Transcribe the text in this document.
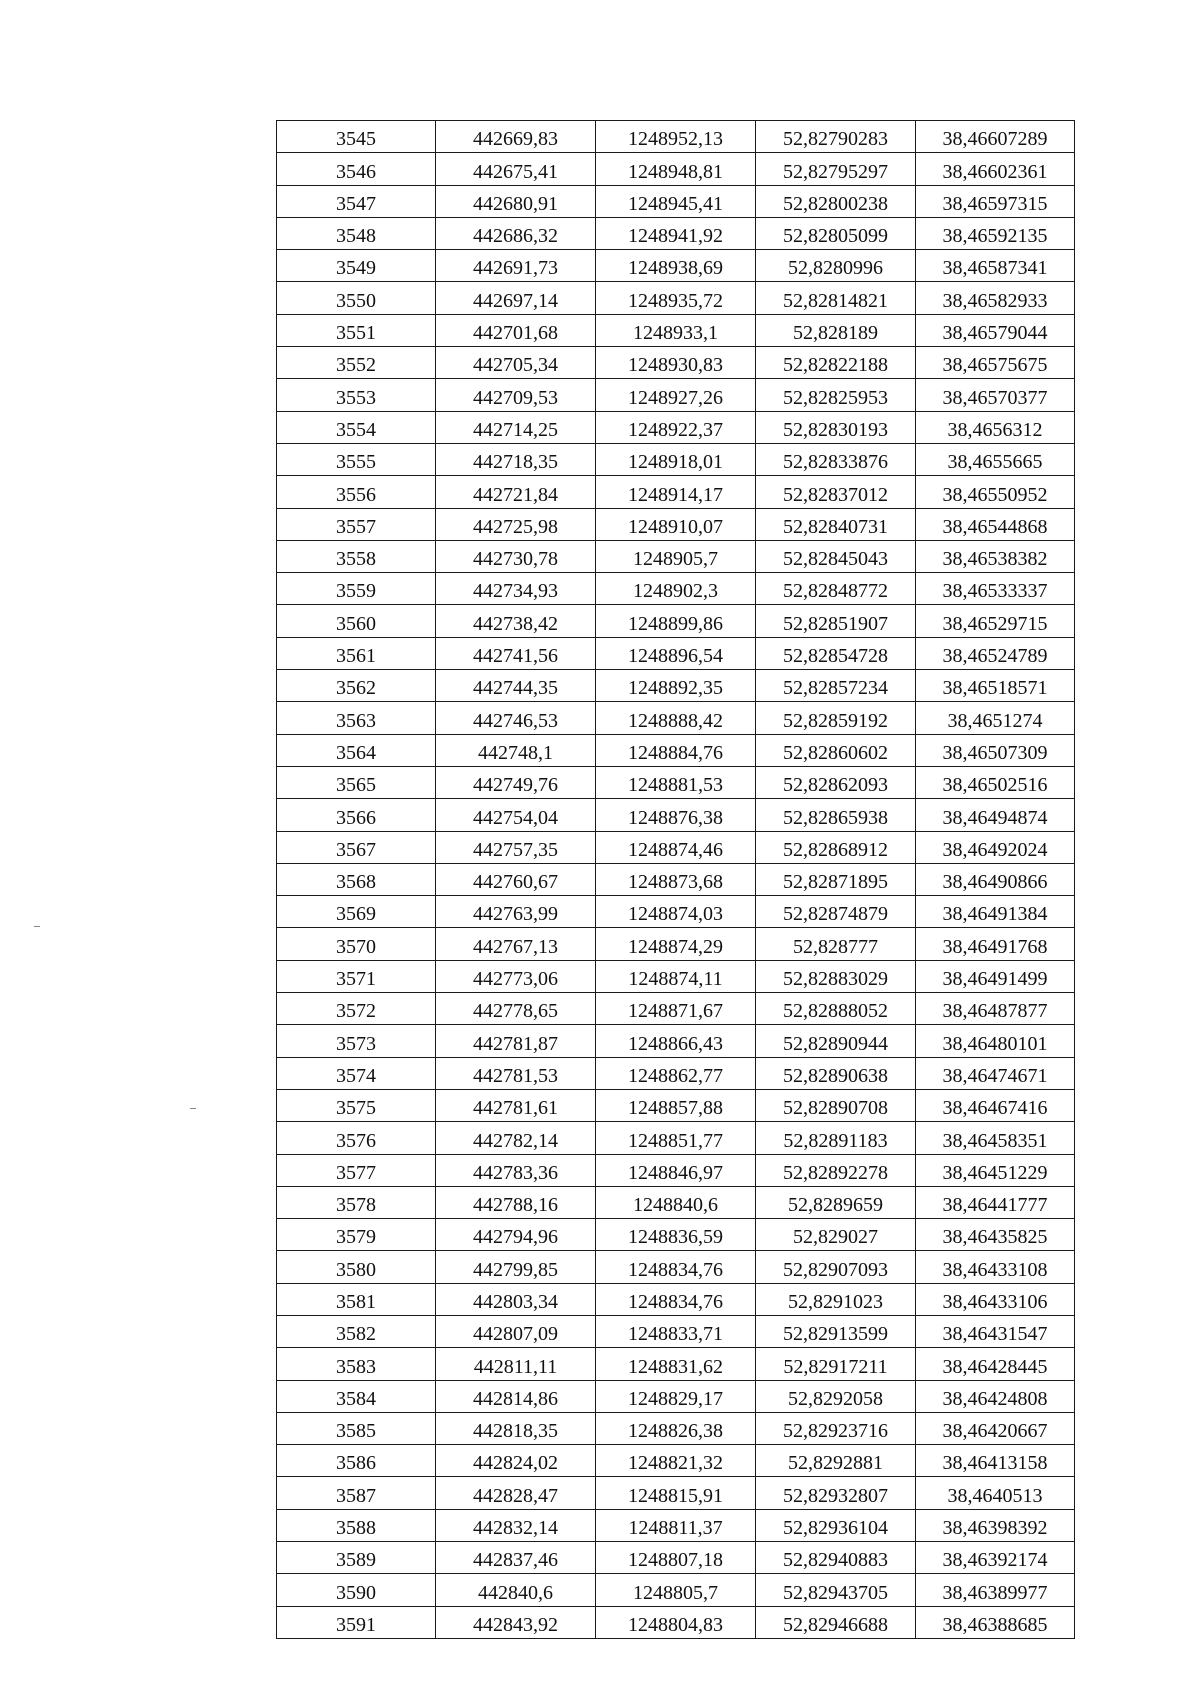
3545	442669,83	1248952,13	52,82790283	38,46607289
3546	442675,41	1248948,81	52,82795297	38,46602361
3547	442680,91	1248945,41	52,82800238	38,46597315
3548	442686,32	1248941,92	52,82805099	38,46592135
3549	442691,73	1248938,69	52,8280996	38,46587341
3550	442697,14	1248935,72	52,82814821	38,46582933
3551	442701,68	1248933,1	52,828189	38,46579044
3552	442705,34	1248930,83	52,82822188	38,46575675
3553	442709,53	1248927,26	52,82825953	38,46570377
3554	442714,25	1248922,37	52,82830193	38,4656312
3555	442718,35	1248918,01	52,82833876	38,4655665
3556	442721,84	1248914,17	52,82837012	38,46550952
3557	442725,98	1248910,07	52,82840731	38,46544868
3558	442730,78	1248905,7	52,82845043	38,46538382
3559	442734,93	1248902,3	52,82848772	38,46533337
3560	442738,42	1248899,86	52,82851907	38,46529715
3561	442741,56	1248896,54	52,82854728	38,46524789
3562	442744,35	1248892,35	52,82857234	38,46518571
3563	442746,53	1248888,42	52,82859192	38,4651274
3564	442748,1	1248884,76	52,82860602	38,46507309
3565	442749,76	1248881,53	52,82862093	38,46502516
3566	442754,04	1248876,38	52,82865938	38,46494874
3567	442757,35	1248874,46	52,82868912	38,46492024
3568	442760,67	1248873,68	52,82871895	38,46490866
3569	442763,99	1248874,03	52,82874879	38,46491384
3570	442767,13	1248874,29	52,828777	38,46491768
3571	442773,06	1248874,11	52,82883029	38,46491499
3572	442778,65	1248871,67	52,82888052	38,46487877
3573	442781,87	1248866,43	52,82890944	38,46480101
3574	442781,53	1248862,77	52,82890638	38,46474671
3575	442781,61	1248857,88	52,82890708	38,46467416
3576	442782,14	1248851,77	52,82891183	38,46458351
3577	442783,36	1248846,97	52,82892278	38,46451229
3578	442788,16	1248840,6	52,8289659	38,46441777
3579	442794,96	1248836,59	52,829027	38,46435825
3580	442799,85	1248834,76	52,82907093	38,46433108
3581	442803,34	1248834,76	52,8291023	38,46433106
3582	442807,09	1248833,71	52,82913599	38,46431547
3583	442811,11	1248831,62	52,82917211	38,46428445
3584	442814,86	1248829,17	52,8292058	38,46424808
3585	442818,35	1248826,38	52,82923716	38,46420667
3586	442824,02	1248821,32	52,8292881	38,46413158
3587	442828,47	1248815,91	52,82932807	38,4640513
3588	442832,14	1248811,37	52,82936104	38,46398392
3589	442837,46	1248807,18	52,82940883	38,46392174
3590	442840,6	1248805,7	52,82943705	38,46389977
3591	442843,92	1248804,83	52,82946688	38,46388685
